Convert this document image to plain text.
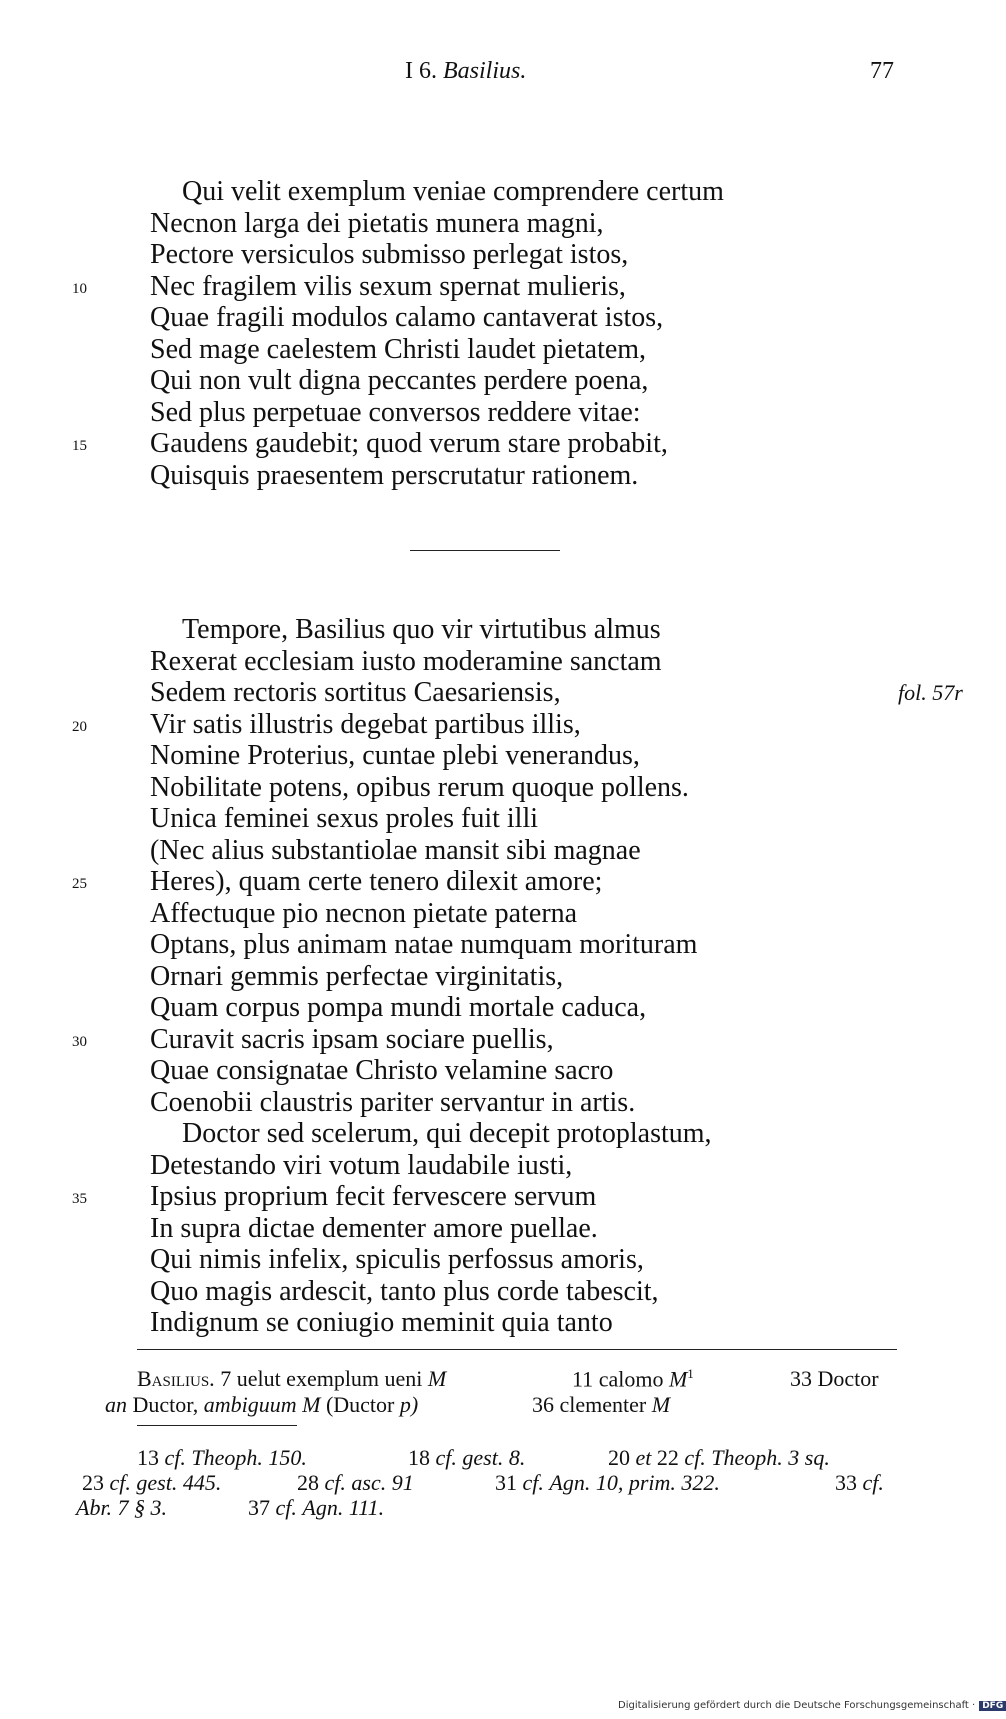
I 6. Basilius.	77
Qui velit exemplum veniae comprendere certum
Necnon larga dei pietatis munera magni,
Pectore versiculos submisso perlegat istos,
10 Nec fragilem vilis sexum spernat mulieris,
Quae fragili modulos calamo cantaverat istos,
Sed mage caelestem Christi laudet pietatem,
Qui non vult digna peccantes perdere poena,
Sed plus perpetuae conversos reddere vitae:
15 Gaudens gaudebit; quod verum stare probabit,
Quisquis praesentem perscrutatur rationem.
Tempore, Basilius quo vir virtutibus almus
Rexerat ecclesiam iusto moderamine sanctam
Sedem rectoris sortitus Caesariensis,	fol. 57r
20 Vir satis illustris degebat partibus illis,
Nomine Proterius, cuntae plebi venerandus,
Nobilitate potens, opibus rerum quoque pollens.
Unica feminei sexus proles fuit illi
(Nec alius substantiolae mansit sibi magnae
25 Heres), quam certe tenero dilexit amore;
Affectuque pio necnon pietate paterna
Optans, plus animam natae numquam morituram
Ornari gemmis perfectae virginitatis,
Quam corpus pompa mundi mortale caduca,
30 Curavit sacris ipsam sociare puellis,
Quae consignatae Christo velamine sacro
Coenobii claustris pariter servantur in artis.
Doctor sed scelerum, qui decepit protoplastum,
Detestando viri votum laudabile iusti,
35 Ipsius proprium fecit fervescere servum
In supra dictae dementer amore puellae.
Qui nimis infelix, spiculis perfossus amoris,
Quo magis ardescit, tanto plus corde tabescit,
Indignum se coniugio meminit quia tanto
Basilius. 7 uelut exemplum ueni M	11 calomo $M^1$	33 Doctor
an Ductor, ambiguum M (Ductor p)	36 clementer M
13 cf. Theoph. 150.	18 cf. gest. 8.	20 et 22 cf. Theoph. 3 sq.
23 cf. gest. 445.	28 cf. asc. 91	31 cf. Agn. 10, prim. 322.	33 cf.
Abr. 7 § 3.	37 cf. Agn. 111.
Digitalisierung gefördert durch die Deutsche Forschungsgemeinschaft · DFG
